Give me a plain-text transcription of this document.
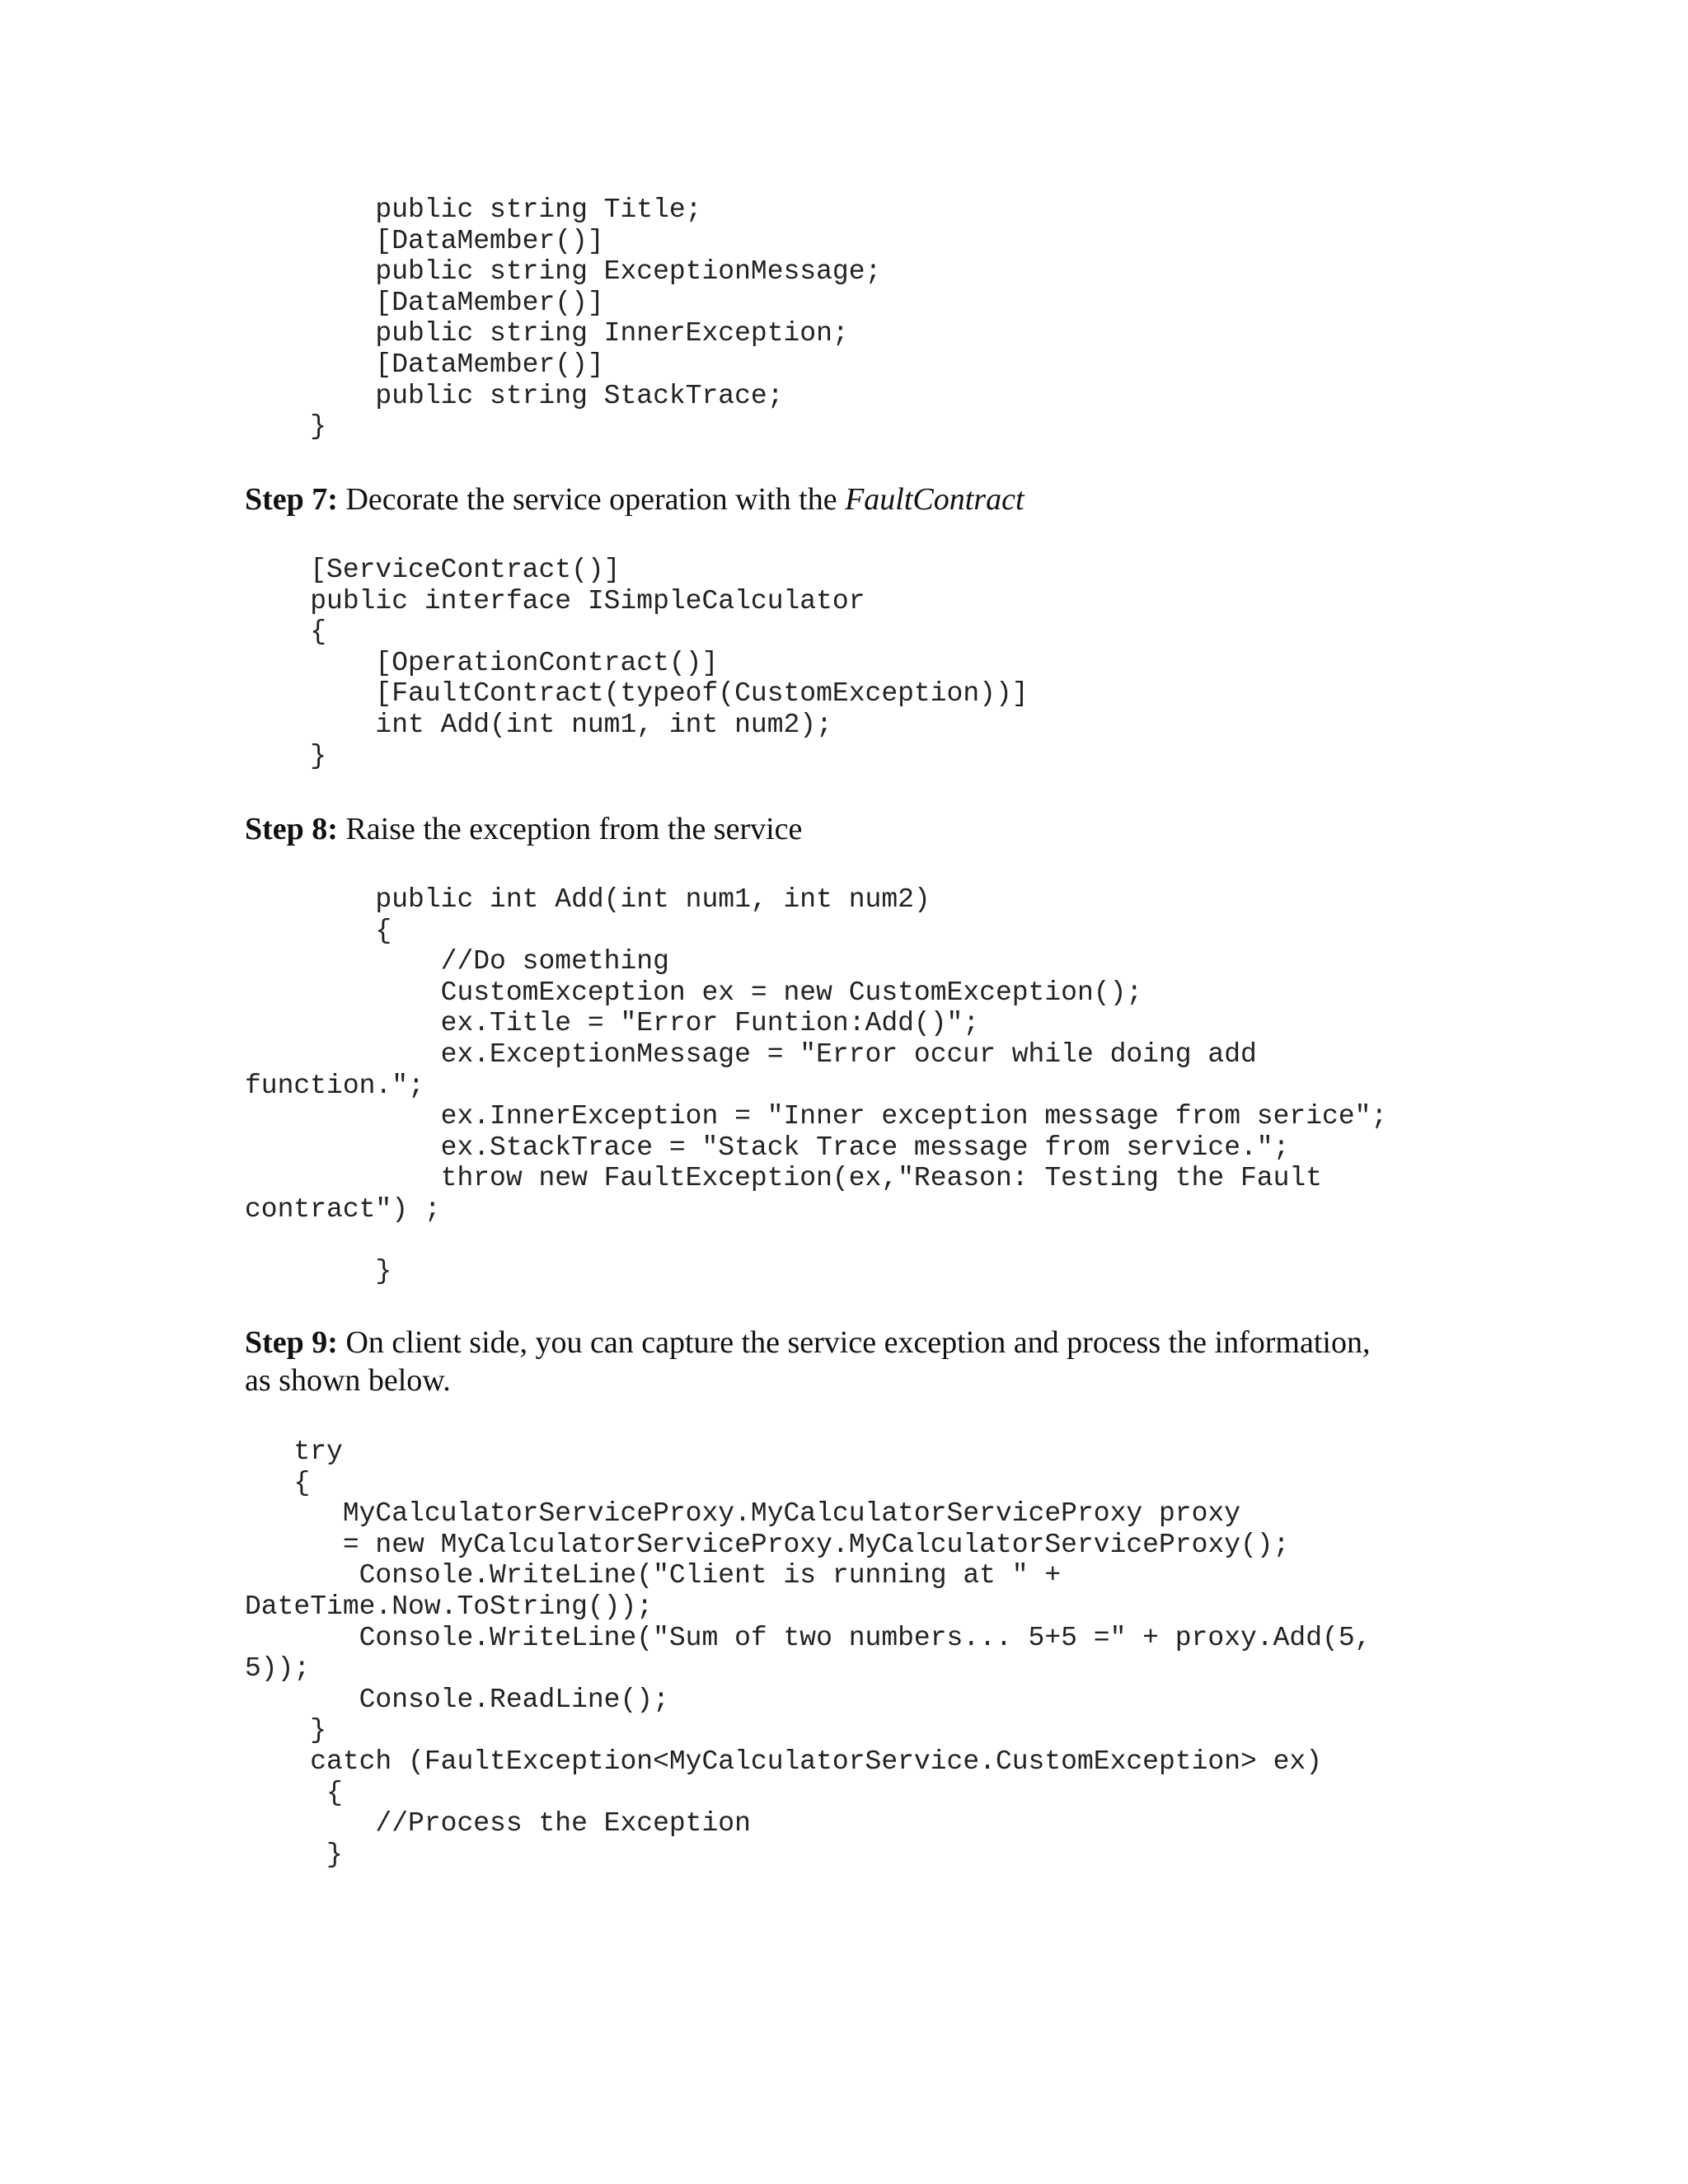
public string Title;
[DataMember()]
public string ExceptionMessage;
[DataMember()]
public string InnerException;
[DataMember()]
public string StackTrace;
}

Step 7: Decorate the service operation with the FaultContract

[ServiceContract()]
public interface ISimpleCalculator
{
[OperationContract()]
[FaultContract(typeof(CustomException))]
int Add(int num1, int num2);
}

Step 8: Raise the exception from the service

public int Add(int num1, int num2)
{
//Do something
CustomException ex = new CustomException();
ex.Title = "Error Funtion:Add()";
ex.ExceptionMessage = "Error occur while doing add
function.";
ex.InnerException = "Inner exception message from serice";
ex.StackTrace = "Stack Trace message from service.";
throw new FaultException(ex,"Reason: Testing the Fault
contract") ;
}

Step 9: On client side, you can capture the service exception and process the information,
as shown below.

try
{
MyCalculatorServiceProxy.MyCalculatorServiceProxy proxy
= new MyCalculatorServiceProxy.MyCalculatorServiceProxy();
Console.WriteLine("Client is running at " +
DateTime.Now.ToString());
Console.WriteLine("Sum of two numbers... 5+5 =" + proxy.Add(5,
5));
Console.ReadLine();
}
catch (FaultException<MyCalculatorService.CustomException> ex)
{
//Process the Exception
}
